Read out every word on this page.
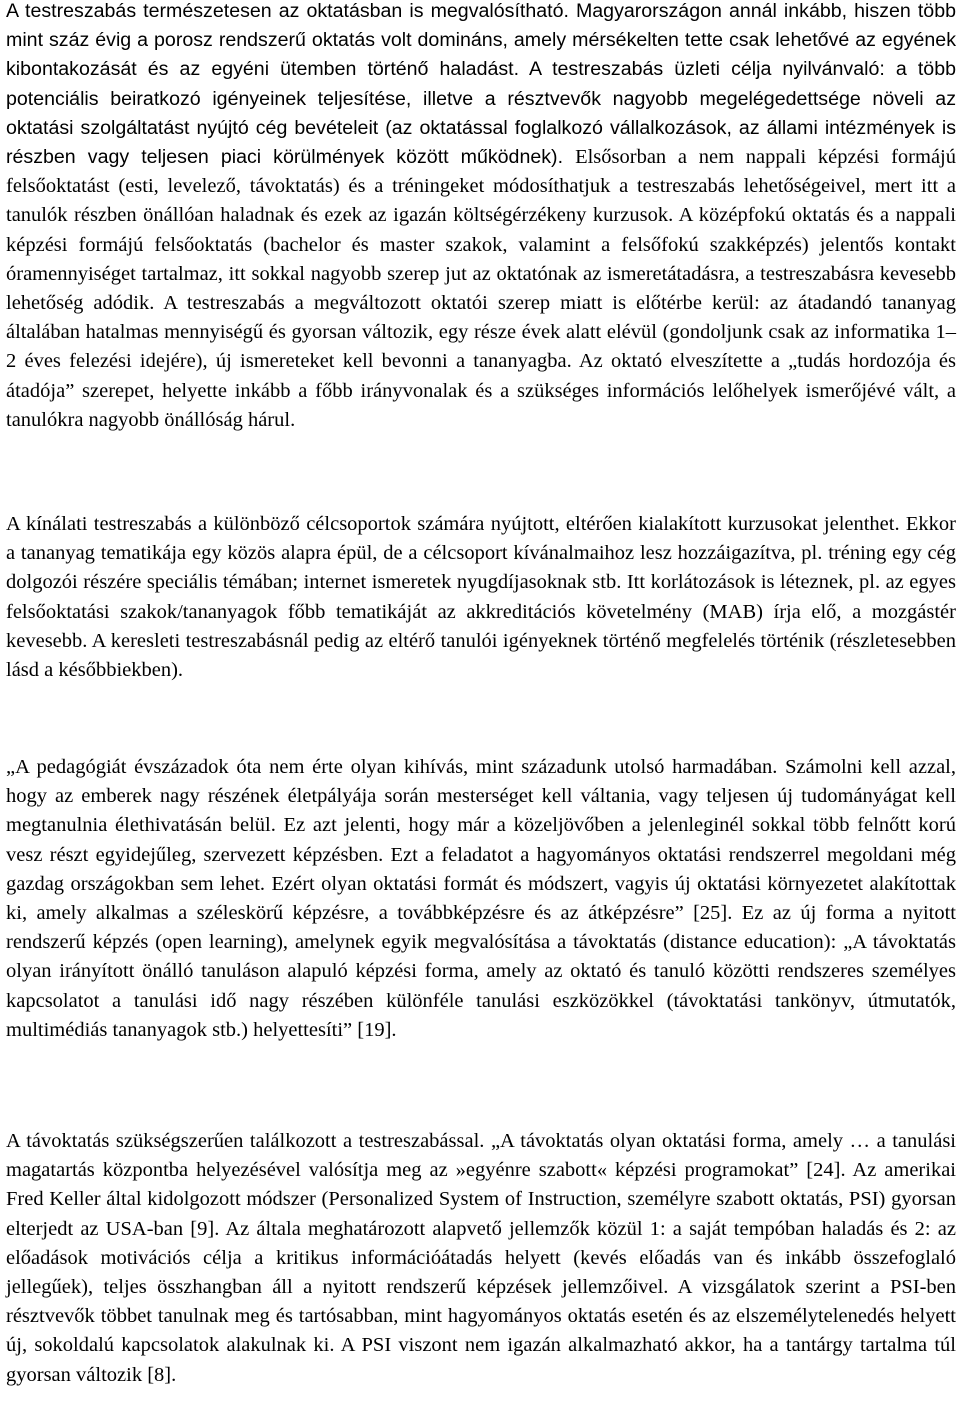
A testreszabás természetesen az oktatásban is megvalósítható. Magyarországon annál inkább, hiszen több mint száz évig a porosz rendszerű oktatás volt domináns, amely mérsékelten tette csak lehetővé az egyének kibontakozását és az egyéni ütemben történő haladást. A testreszabás üzleti célja nyilvánvaló: a több potenciális beiratkozó igényeinek teljesítése, illetve a résztvevők nagyobb megelégedettsége növeli az oktatási szolgáltatást nyújtó cég bevételeit (az oktatással foglalkozó vállalkozások, az állami intézmények is részben vagy teljesen piaci körülmények között működnek). Elsősorban a nem nappali képzési formájú felsőoktatást (esti, levelező, távoktatás) és a tréningeket módosíthatjuk a testreszabás lehetőségeivel, mert itt a tanulók részben önállóan haladnak és ezek az igazán költségérzékeny kurzusok. A középfokú oktatás és a nappali képzési formájú felsőoktatás (bachelor és master szakok, valamint a felsőfokú szakképzés) jelentős kontakt óramennyiséget tartalmaz, itt sokkal nagyobb szerep jut az oktatónak az ismeretátadásra, a testreszabásra kevesebb lehetőség adódik. A testreszabás a megváltozott oktatói szerep miatt is előtérbe kerül: az átadandó tananyag általában hatalmas mennyiségű és gyorsan változik, egy része évek alatt elévül (gondoljunk csak az informatika 1–2 éves felezési idejére), új ismereteket kell bevonni a tananyagba. Az oktató elveszítette a „tudás hordozója és átadója” szerepet, helyette inkább a főbb irányvonalak és a szükséges információs lelőhelyek ismerőjévé vált, a tanulókra nagyobb önállóság hárul.

A kínálati testreszabás a különböző célcsoportok számára nyújtott, eltérően kialakított kurzusokat jelenthet. Ekkor a tananyag tematikája egy közös alapra épül, de a célcsoport kívánalmaihoz lesz hozzáigazítva, pl. tréning egy cég dolgozói részére speciális témában; internet ismeretek nyugdíjasoknak stb. Itt korlátozások is léteznek, pl. az egyes felsőoktatási szakok/tananyagok főbb tematikáját az akkreditációs követelmény (MAB) írja elő, a mozgástér kevesebb. A keresleti testreszabásnál pedig az eltérő tanulói igényeknek történő megfelelés történik (részletesebben lásd a későbbiekben).

„A pedagógiát évszázadok óta nem érte olyan kihívás, mint századunk utolsó harmadában. Számolni kell azzal, hogy az emberek nagy részének életpályája során mesterséget kell váltania, vagy teljesen új tudományágat kell megtanulnia élethivatásán belül. Ez azt jelenti, hogy már a közeljövőben a jelenleginél sokkal több felnőtt korú vesz részt egyidejűleg, szervezett képzésben. Ezt a feladatot a hagyományos oktatási rendszerrel megoldani még gazdag országokban sem lehet. Ezért olyan oktatási formát és módszert, vagyis új oktatási környezetet alakítottak ki, amely alkalmas a széleskörű képzésre, a továbbképzésre és az átképzésre” [25]. Ez az új forma a nyitott rendszerű képzés (open learning), amelynek egyik megvalósítása a távoktatás (distance education): „A távoktatás olyan irányított önálló tanuláson alapuló képzési forma, amely az oktató és tanuló közötti rendszeres személyes kapcsolatot a tanulási idő nagy részében különféle tanulási eszközökkel (távoktatási tankönyv, útmutatók, multimédiás tananyagok stb.) helyettesíti” [19].

A távoktatás szükségszerűen találkozott a testreszabással. „A távoktatás olyan oktatási forma, amely … a tanulási magatartás központba helyezésével valósítja meg az »egyénre szabott« képzési programokat” [24]. Az amerikai Fred Keller által kidolgozott módszer (Personalized System of Instruction, személyre szabott oktatás, PSI) gyorsan elterjedt az USA-ban [9]. Az általa meghatározott alapvető jellemzők közül 1: a saját tempóban haladás és 2: az előadások motivációs célja a kritikus információátadás helyett (kevés előadás van és inkább összefoglaló jellegűek), teljes összhangban áll a nyitott rendszerű képzések jellemzőivel. A vizsgálatok szerint a PSI-ben résztvevők többet tanulnak meg és tartósabban, mint hagyományos oktatás esetén és az elszemélytelenedés helyett új, sokoldalú kapcsolatok alakulnak ki. A PSI viszont nem igazán alkalmazható akkor, ha a tantárgy tartalma túl gyorsan változik [8].
